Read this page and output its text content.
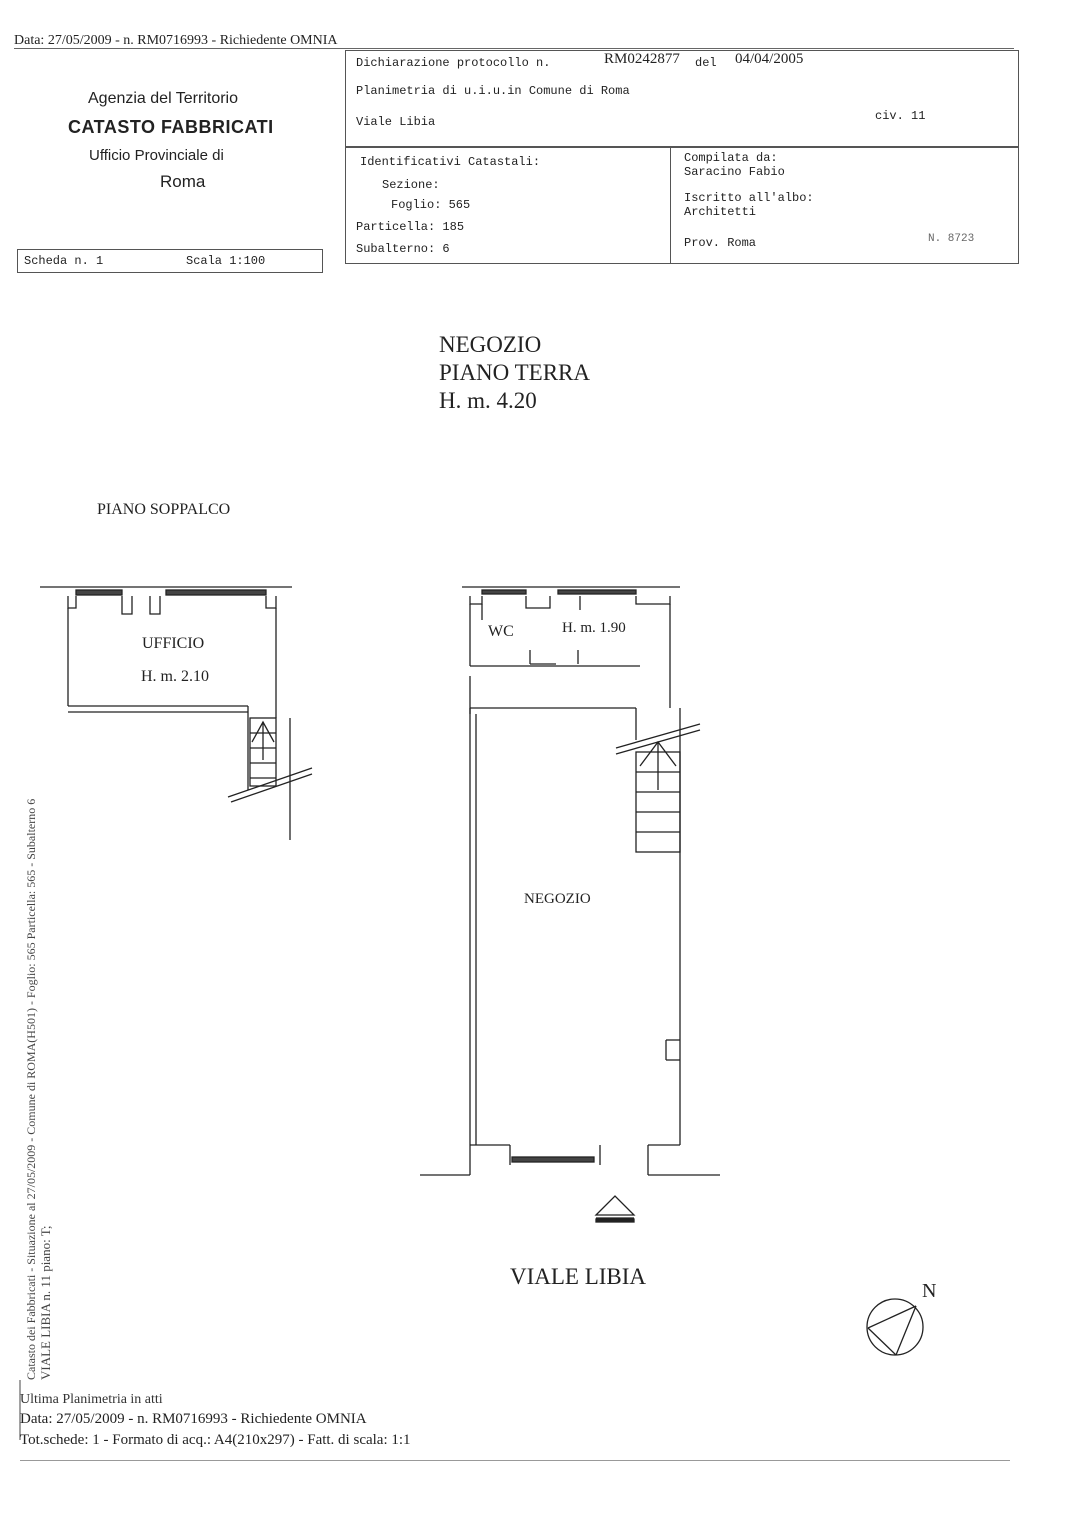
Data: 27/05/2009 - n. RM0716993 - Richiedente OMNIA
Agenzia del Territorio
CATASTO FABBRICATI
Ufficio Provinciale di
Roma
Scheda n. 1	Scala 1:100
Dichiarazione protocollo n.	RM0242877 del 04/04/2005
Planimetria di u.i.u.in Comune di Roma
Viale Libia	civ. 11
Identificativi Catastali:
Sezione:
Foglio: 565
Particella: 185
Subalterno: 6
Compilata da:
Saracino Fabio
Iscritto all'albo:
Architetti
Prov. Roma	N. 8723
NEGOZIO
PIANO TERRA
H. m. 4.20
PIANO SOPPALCO
UFFICIO
H. m. 2.10
WC	H. m. 1.90
NEGOZIO
VIALE LIBIA
N
Catasto dei Fabbricati - Situazione al 27/05/2009 - Comune di ROMA(H501) - Foglio: 565 Particella: 565 - Subalterno 6 VIALE LIBIA n. 11 piano: T;
Ultima Planimetria in atti
Data: 27/05/2009 - n. RM0716993 - Richiedente OMNIA
Tot.schede: 1 - Formato di acq.: A4(210x297) - Fatt. di scala: 1:1
